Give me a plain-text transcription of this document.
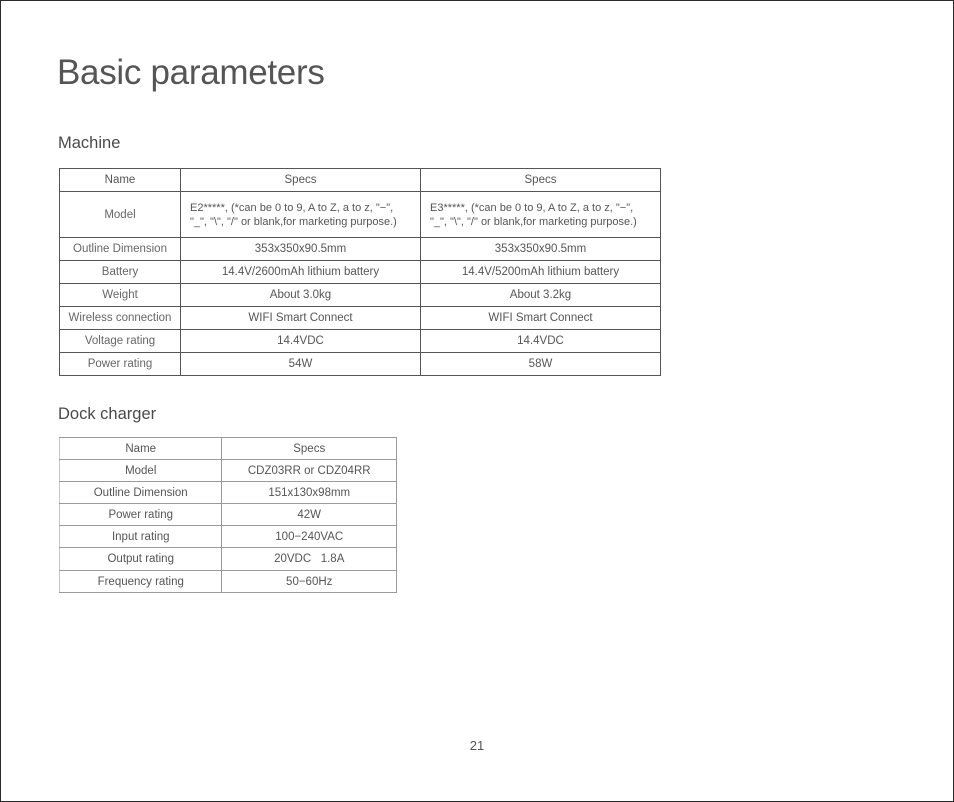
Basic parameters
Machine
Name	Specs	Specs
Model	E2*****, (*can be 0 to 9, A to Z, a to z, "−", "_", "\", "/" or blank,for marketing purpose.)	E3*****, (*can be 0 to 9, A to Z, a to z, "−", "_", "\", "/" or blank,for marketing purpose.)
Outline Dimension	353x350x90.5mm	353x350x90.5mm
Battery	14.4V/2600mAh lithium battery	14.4V/5200mAh lithium battery
Weight	About 3.0kg	About 3.2kg
Wireless connection	WIFI Smart Connect	WIFI Smart Connect
Voltage rating	14.4VDC	14.4VDC
Power rating	54W	58W
Dock charger
Name	Specs
Model	CDZ03RR or CDZ04RR
Outline Dimension	151x130x98mm
Power rating	42W
Input rating	100−240VAC
Output rating	20VDC   1.8A
Frequency rating	50−60Hz
21
